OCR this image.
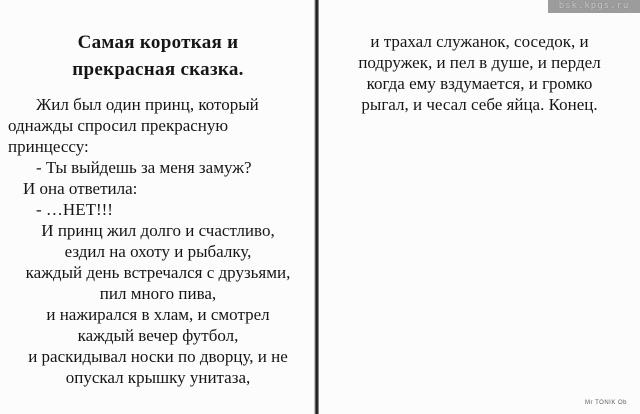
bsk.kpgs.ru
Самая короткая и
прекрасная сказка.
Жил был один принц, который
однажды спросил прекрасную
принцессу:
- Ты выйдешь за меня замуж?
И она ответила:
- …НЕТ!!!
И принц жил долго и счастливо,
ездил на охоту и рыбалку,
каждый день встречался с друзьями,
пил много пива,
и нажирался в хлам, и смотрел
каждый вечер футбол,
и раскидывал носки по дворцу, и не
опускал крышку унитаза,
и трахал служанок, соседок, и
подружек, и пел в душе, и пердел
когда ему вздумается, и громко
рыгал, и чесал себе яйца. Конец.
Mr TONIK Ob
